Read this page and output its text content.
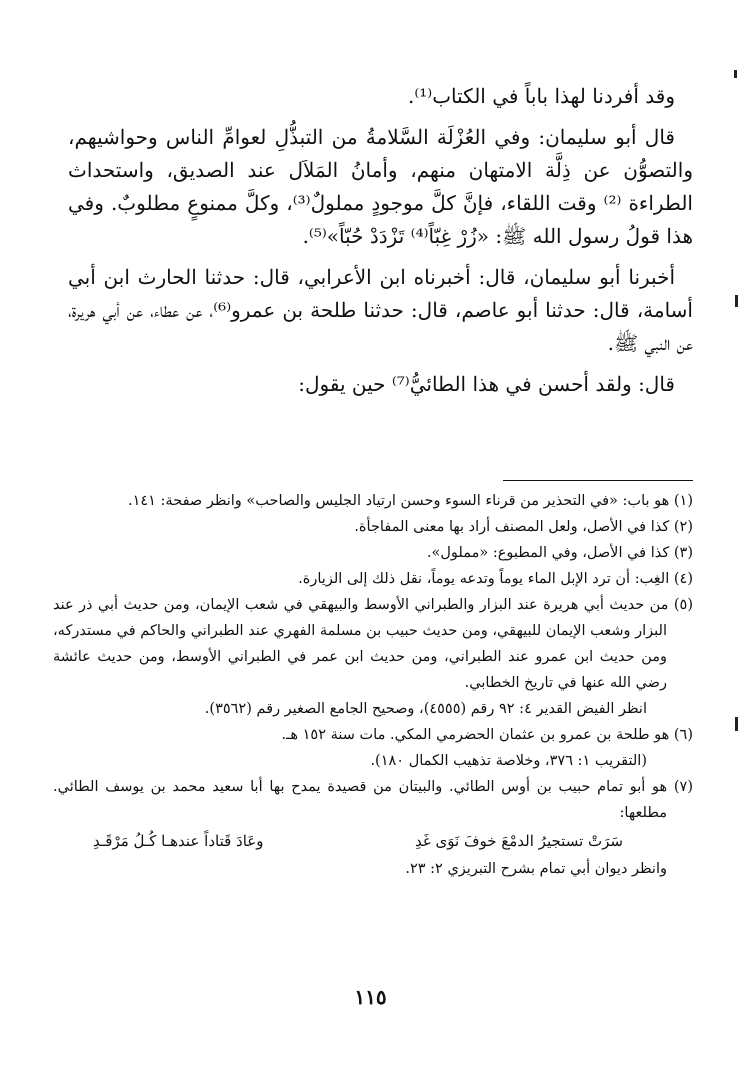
وقد أفردنا لهذا باباً في الكتاب⁽¹⁾.

قال أبو سليمان: وفي العُزْلَة السَّلامةُ من التبذُّلِ لعوامِّ الناس وحواشيهم، والتصوُّن عن ذِلَّة الامتهان منهم، وأمانُ المَلاَل عند الصديق، واستحداث الطراءة ⁽²⁾ وقت اللقاء، فإنَّ كلَّ موجودٍ مملولٌ⁽³⁾، وكلَّ ممنوعٍ مطلوبٌ. وفي هذا قولُ رسول الله ﷺ: «زُرْ غِبّاً⁽⁴⁾ تَزْدَدْ حُبّاً»⁽⁵⁾.

أخبرنا أبو سليمان، قال: أخبرناه ابن الأعرابي، قال: حدثنا الحارث ابن أبي أسامة، قال: حدثنا أبو عاصم، قال: حدثنا طلحة بن عمرو⁽⁶⁾، عن عطاء، عن أبي هريرة، عن النبي ﷺ.

قال: ولقد أحسن في هذا الطائيُّ⁽⁷⁾ حين يقول:

(١) هو باب: «في التحذير من قرناء السوء وحسن ارتياد الجليس والصاحب» وانظر صفحة: ١٤١.

(٢) كذا في الأصل، ولعل المصنف أراد بها معنى المفاجأة.

(٣) كذا في الأصل، وفي المطبوع: «مملول».

(٤) الغِب: أن ترد الإبل الماء يوماً وتدعه يوماً، نقل ذلك إلى الزيارة.

(٥) من حديث أبي هريرة عند البزار والطبراني الأوسط والبيهقي في شعب الإيمان، ومن حديث أبي ذر عند البزار وشعب الإيمان للبيهقي، ومن حديث حبيب بن مسلمة الفهري عند الطبراني والحاكم في مستدركه، ومن حديث ابن عمرو عند الطبراني، ومن حديث ابن عمر في الطبراني الأوسط، ومن حديث عائشة رضي الله عنها في تاريخ الخطابي.

انظر الفيض القدير ٤: ٩٢ رقم (٤٥٥٥)، وصحيح الجامع الصغير رقم (٣٥٦٢).

(٦) هو طلحة بن عمرو بن عثمان الحضرمي المكي. مات سنة ١٥٢ هـ.

(التقريب ١: ٣٧٦، وخلاصة تذهيب الكمال ١٨٠).

(٧) هو أبو تمام حبيب بن أوس الطائي. والبيتان من قصيدة يمدح بها أبا سعيد محمد بن يوسف الطائي. مطلعها:

سَرَتْ تستجيرُ الدمْعَ خوفَ نَوَى غَدِ
وعَادَ قَتاداً عندهـا كُـلُ مَرْقَـدِ

وانظر ديوان أبي تمام بشرح التبريزي ٢: ٢٣.

١١٥
